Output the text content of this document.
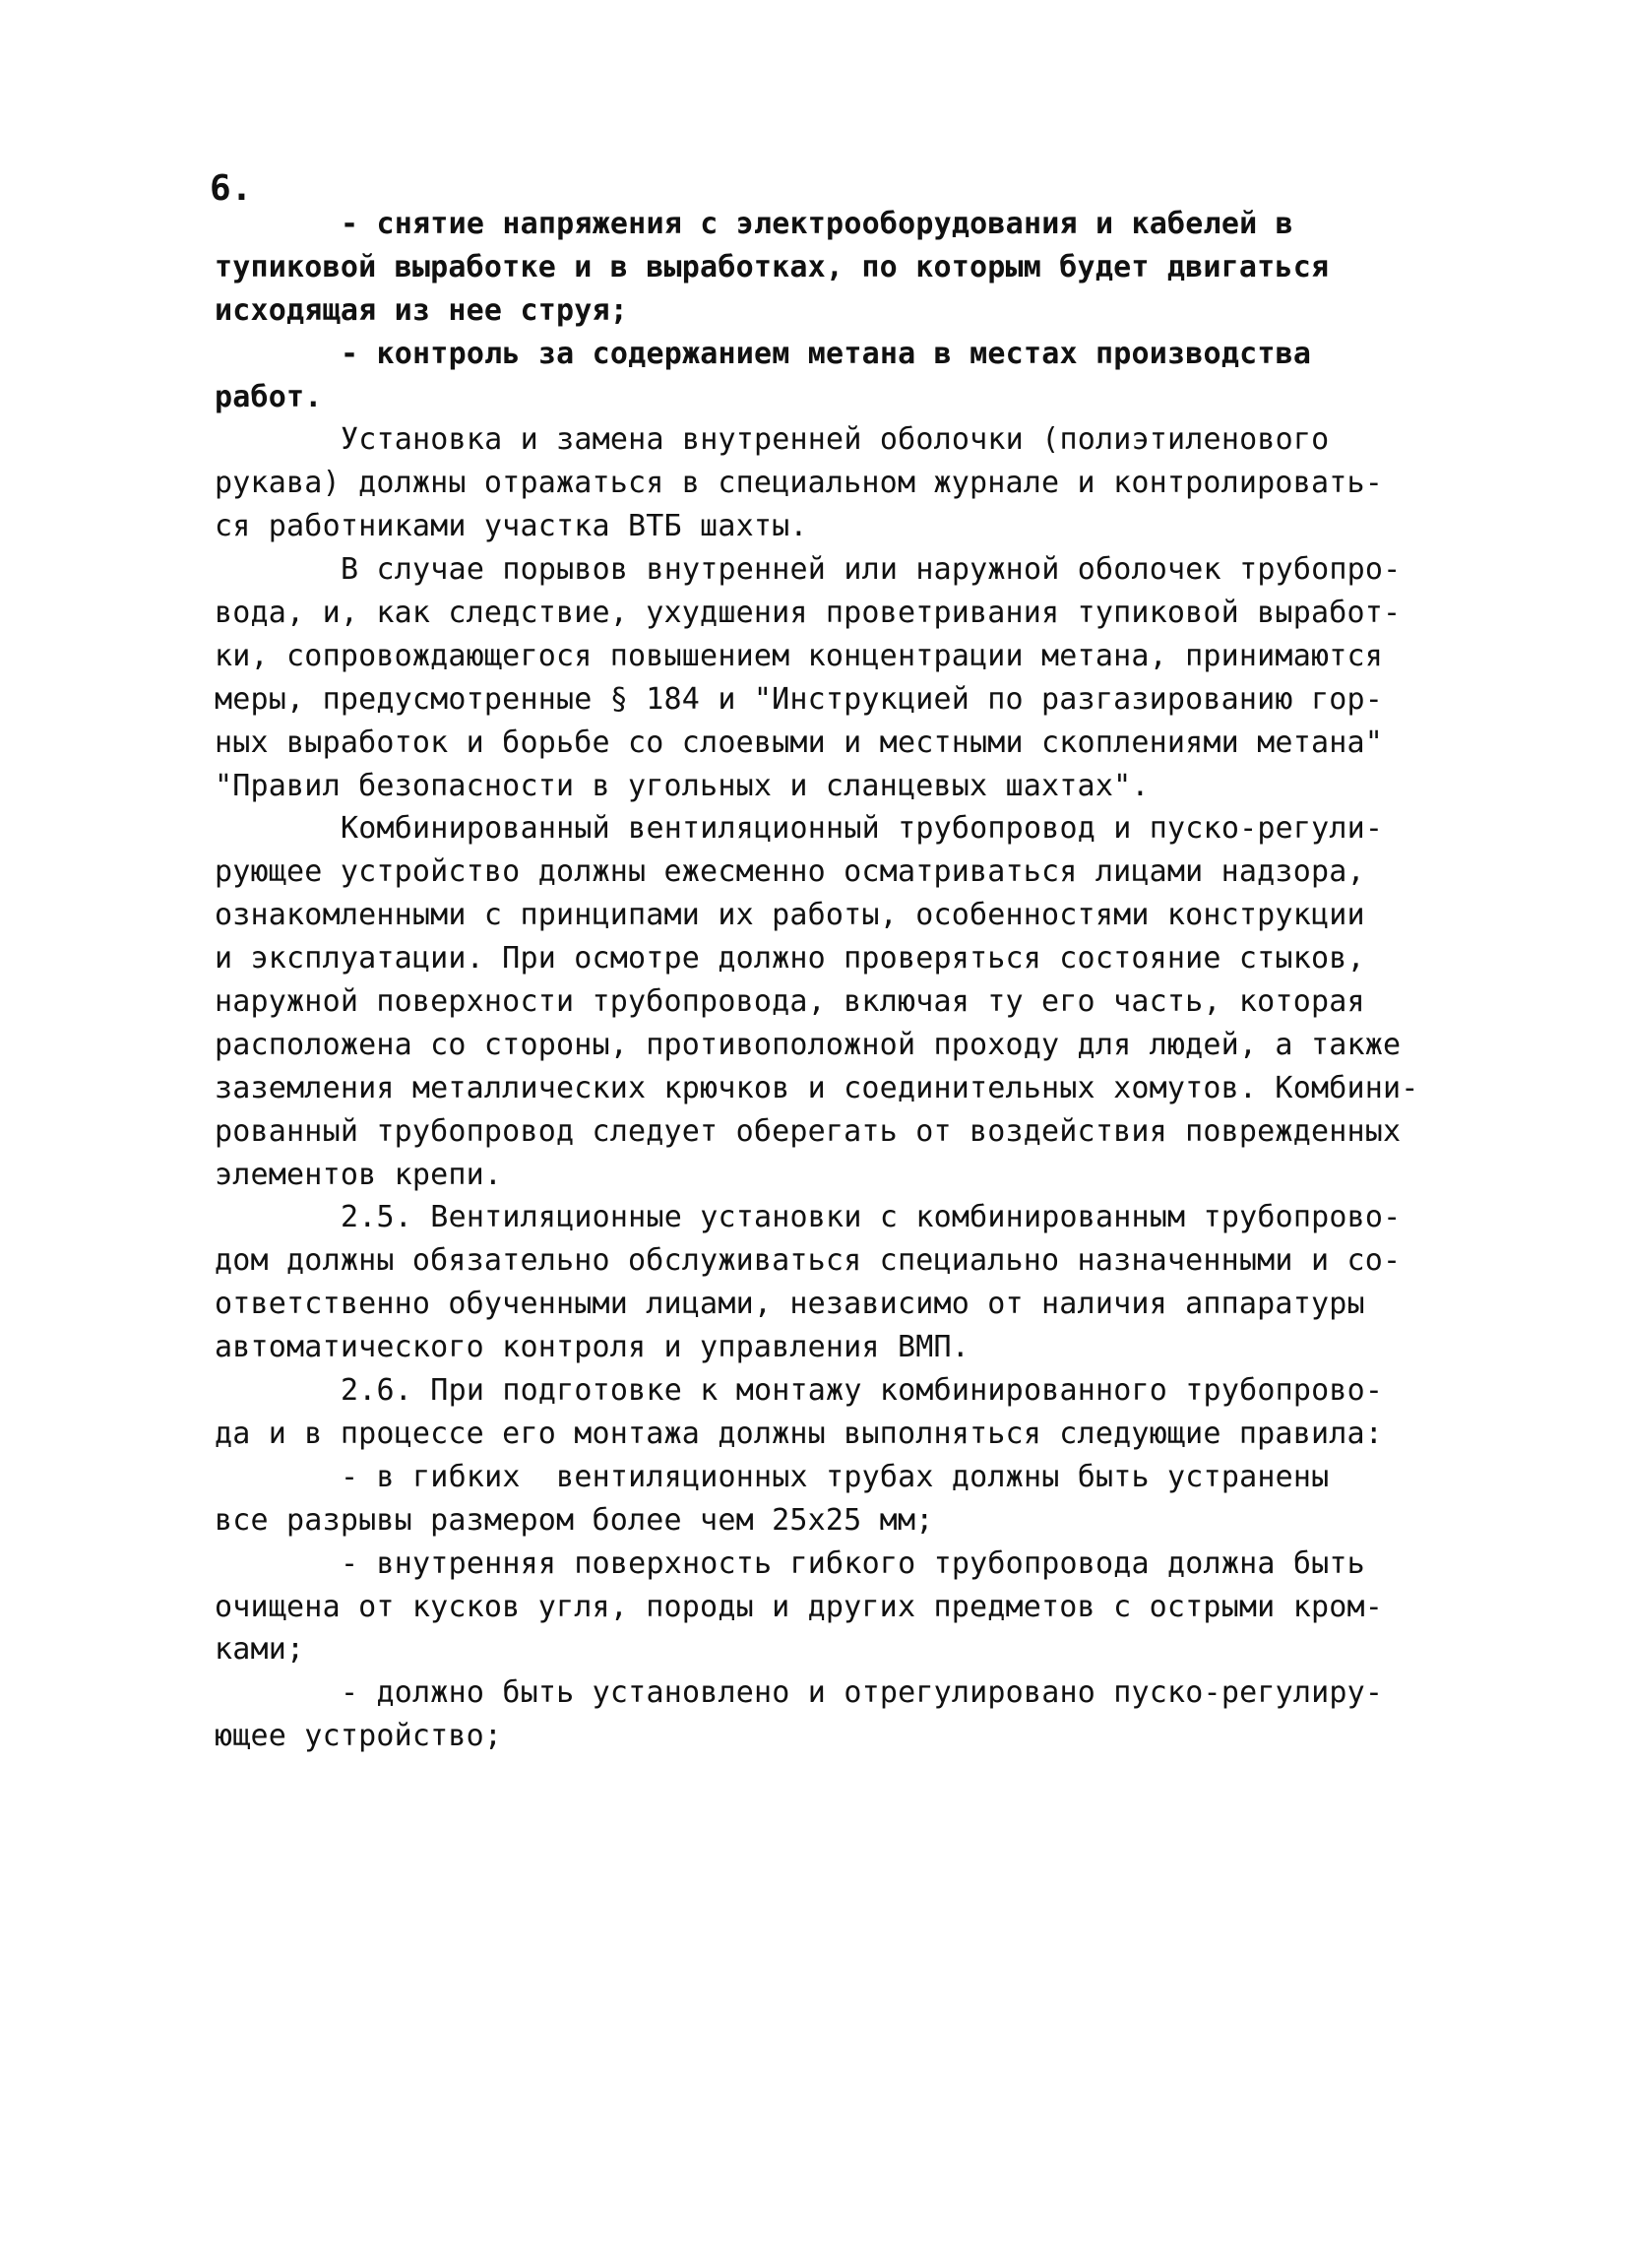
6.
- снятие напряжения с электрооборудования и кабелей в
тупиковой выработке и в выработках, по которым будет двигаться
исходящая из нее струя;
- контроль за содержанием метана в местах производства
работ.
Установка и замена внутренней оболочки (полиэтиленового
рукава) должны отражаться в специальном журнале и контролировать-
ся работниками участка ВТБ шахты.
В случае порывов внутренней или наружной оболочек трубопро-
вода, и, как следствие, ухудшения проветривания тупиковой выработ-
ки, сопровождающегося повышением концентрации метана, принимаются
меры, предусмотренные § 184 и "Инструкцией по разгазированию гор-
ных выработок и борьбе со слоевыми и местными скоплениями метана"
"Правил безопасности в угольных и сланцевых шахтах".
Комбинированный вентиляционный трубопровод и пуско-регули-
рующее устройство должны ежесменно осматриваться лицами надзора,
ознакомленными с принципами их работы, особенностями конструкции
и эксплуатации. При осмотре должно проверяться состояние стыков,
наружной поверхности трубопровода, включая ту его часть, которая
расположена со стороны, противоположной проходу для людей, а также
заземления металлических крючков и соединительных хомутов. Комбини-
рованный трубопровод следует оберегать от воздействия поврежденных
элементов крепи.
2.5. Вентиляционные установки с комбинированным трубопрово-
дом должны обязательно обслуживаться специально назначенными и со-
ответственно обученными лицами, независимо от наличия аппаратуры
автоматического контроля и управления ВМП.
2.6. При подготовке к монтажу комбинированного трубопрово-
да и в процессе его монтажа должны выполняться следующие правила:
- в гибких  вентиляционных трубах должны быть устранены
все разрывы размером более чем 25х25 мм;
- внутренняя поверхность гибкого трубопровода должна быть
очищена от кусков угля, породы и других предметов с острыми кром-
ками;
- должно быть установлено и отрегулировано пуско-регулиру-
ющее устройство;
